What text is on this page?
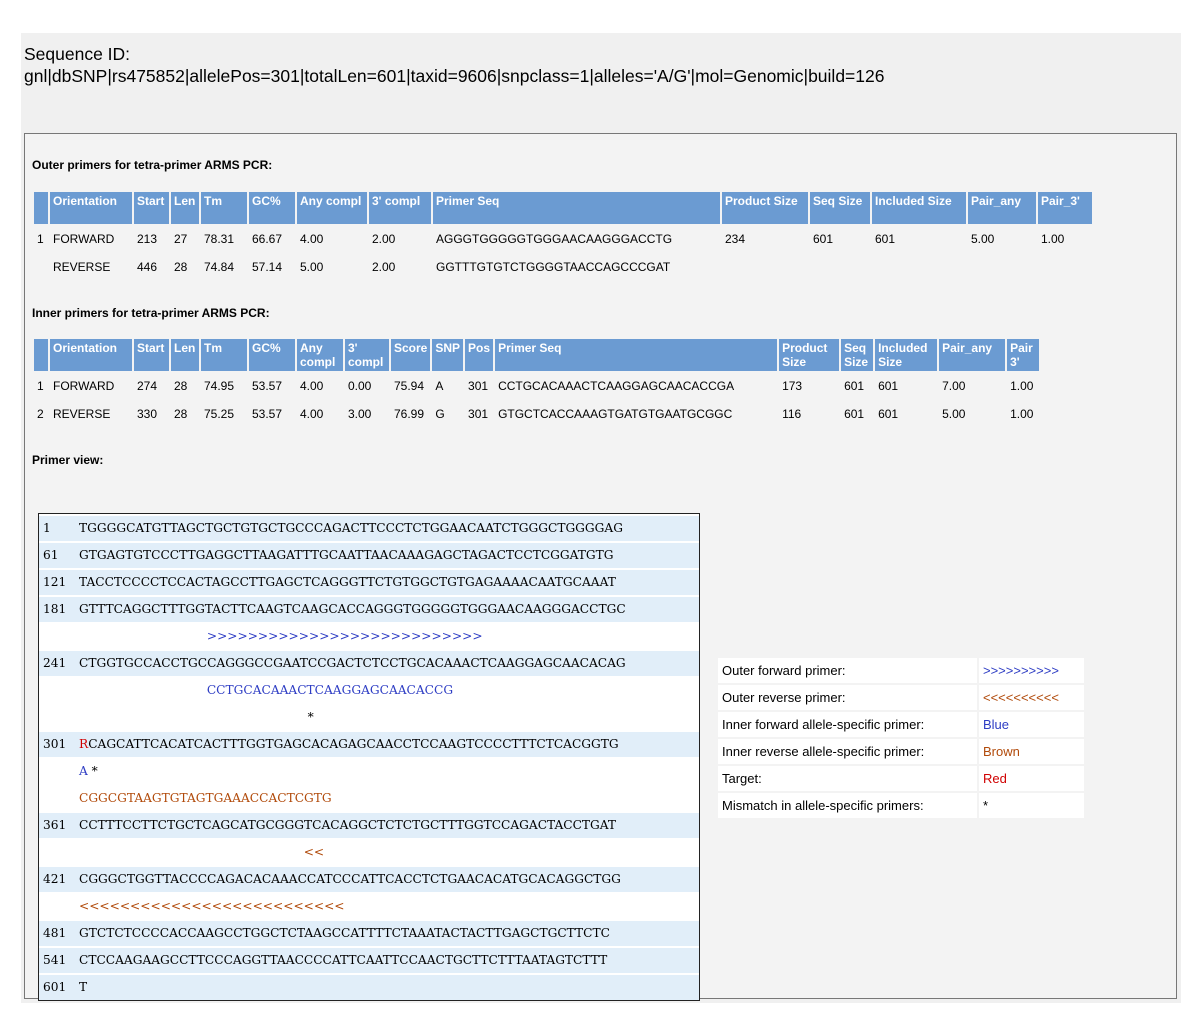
Sequence ID:
gnl|dbSNP|rs475852|allelePos=301|totalLen=601|taxid=9606|snpclass=1|alleles='A/G'|mol=Genomic|build=126
Outer primers for tetra-primer ARMS PCR:
	Orientation	Start	Len	Tm	GC%	Any compl	3' compl	Primer Seq	Product Size	Seq Size	Included Size	Pair_any	Pair_3'
1	FORWARD	213	27	78.31	66.67	4.00	2.00	AGGGTGGGGGTGGGAACAAGGGACCTG	234	601	601	5.00	1.00
	REVERSE	446	28	74.84	57.14	5.00	2.00	GGTTTGTGTCTGGGGTAACCAGCCCGAT					
Inner primers for tetra-primer ARMS PCR:
	Orientation	Start	Len	Tm	GC%	Any compl	3' compl	Score	SNP	Pos	Primer Seq	Product Size	Seq Size	Included Size	Pair_any	Pair 3'
1	FORWARD	274	28	74.95	53.57	4.00	0.00	75.94	A	301	CCTGCACAAACTCAAGGAGCAACACCGA	173	601	601	7.00	1.00
2	REVERSE	330	28	75.25	53.57	4.00	3.00	76.99	G	301	GTGCTCACCAAAGTGATGTGAATGCGGC	116	601	601	5.00	1.00
Primer view:
1	TGGGGCATGTTAGCTGCTGTGCTGCCCAGACTTCCCTCTGGAACAATCTGGGCTGGGGAG
61	GTGAGTGTCCCTTGAGGCTTAAGATTTGCAATTAACAAAGAGCTAGACTCCTCGGATGTG
121	TACCTCCCCTCCACTAGCCTTGAGCTCAGGGTTCTGTGGCTGTGAGAAAACAATGCAAAT
181	GTTTCAGGCTTTGGTACTTCAAGTCAAGCACCAGGGTGGGGGTGGGAACAAGGGACCTGC
>>>>>>>>>>>>>>>>>>>>>>>>>>>
241	CTGGTGCCACCTGCCAGGGCCGAATCCGACTCTCCTGCACAAACTCAAGGAGCAACACAG
CCTGCACAAACTCAAGGAGCAACACCG
*
301	RCAGCATTCACATCACTTTGGTGAGCACAGAGCAACCTCCAAGTCCCCTTTCTCACGGTG
A *
CGGCGTAAGTGTAGTGAAACCACTCGTG
361	CCTTTCCTTCTGCTCAGCATGCGGGTCACAGGCTCTCTGCTTTGGTCCAGACTACCTGAT
<<
421	CGGGCTGGTTACCCCAGACACAAACCATCCCATTCACCTCTGAACACATGCACAGGCTGG
<<<<<<<<<<<<<<<<<<<<<<<<<<
481	GTCTCTCCCCACCAAGCCTGGCTCTAAGCCATTTTCTAAATACTACTTGAGCTGCTTCTC
541	CTCCAAGAAGCCTTCCCAGGTTAACCCCATTCAATTCCAACTGCTTCTTTAATAGTCTTT
601	T
Outer forward primer:	>>>>>>>>>>
Outer reverse primer:	<<<<<<<<<<
Inner forward allele-specific primer:	Blue
Inner reverse allele-specific primer:	Brown
Target:	Red
Mismatch in allele-specific primers:	*
